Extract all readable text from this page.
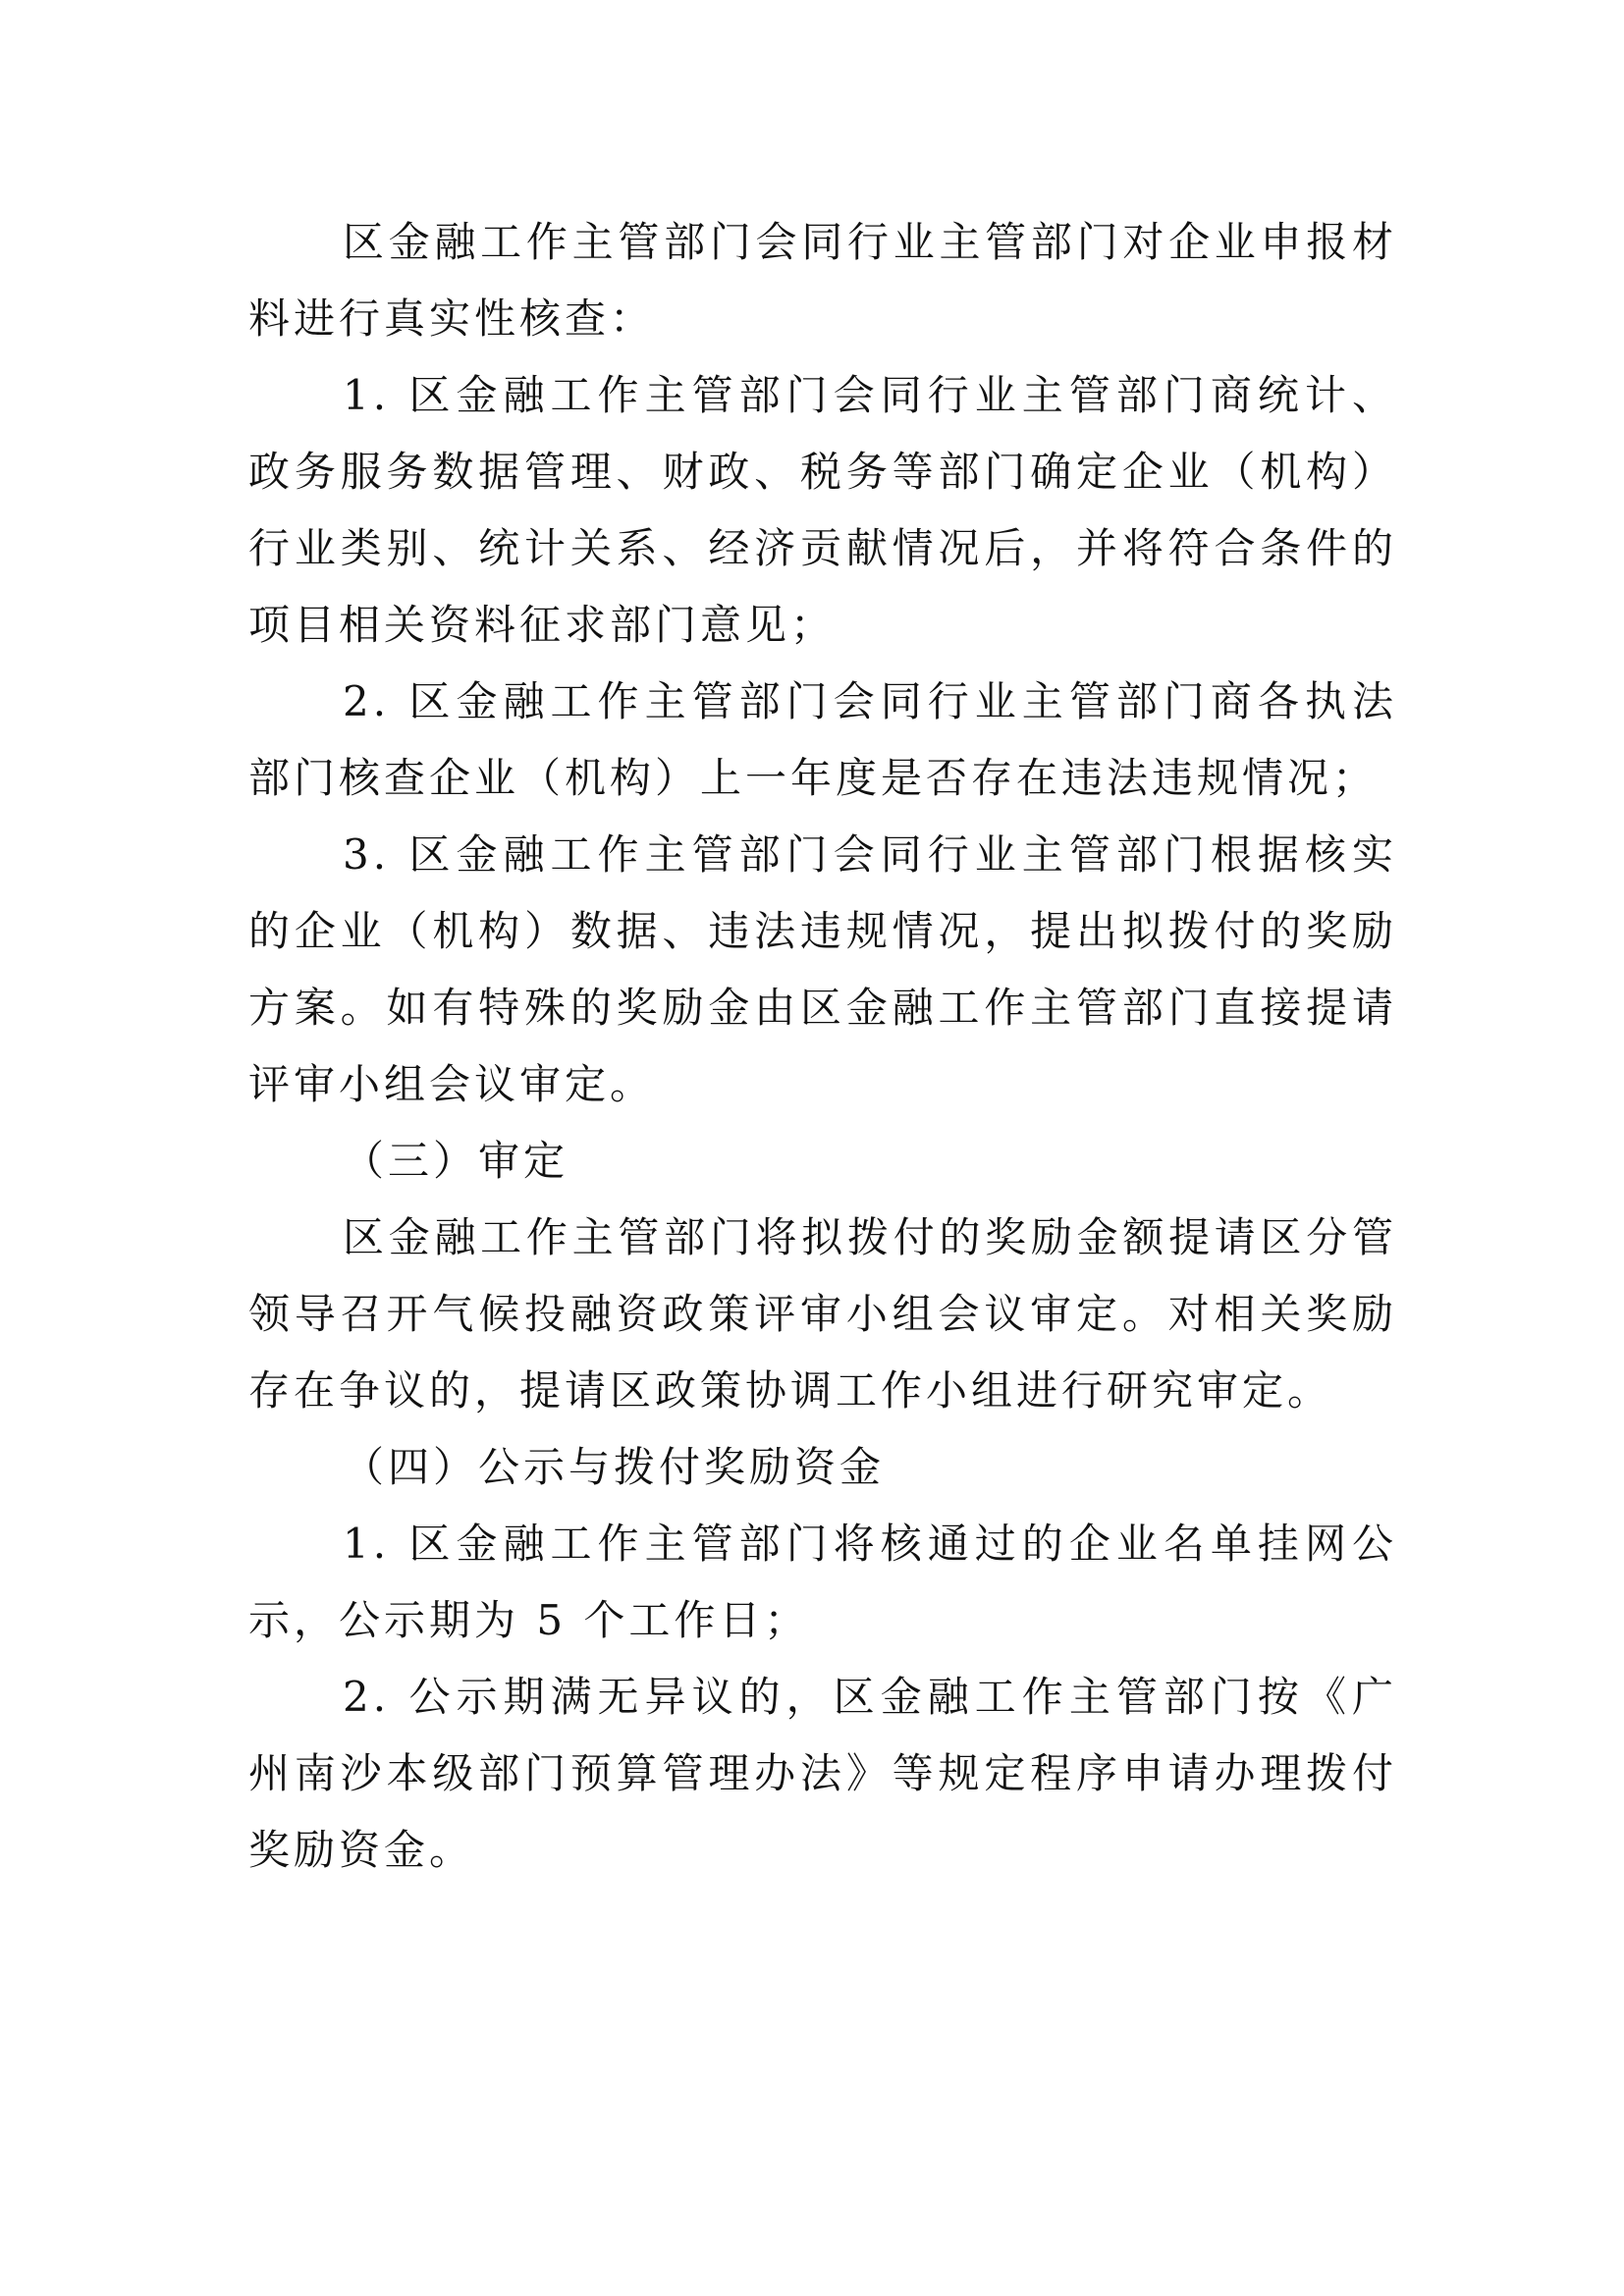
区金融工作主管部门会同行业主管部门对企业申报材料进行真实性核查：

1. 区金融工作主管部门会同行业主管部门商统计、政务服务数据管理、财政、税务等部门确定企业（机构）行业类别、统计关系、经济贡献情况后，并将符合条件的项目相关资料征求部门意见；

2. 区金融工作主管部门会同行业主管部门商各执法部门核查企业（机构）上一年度是否存在违法违规情况；

3. 区金融工作主管部门会同行业主管部门根据核实的企业（机构）数据、违法违规情况，提出拟拨付的奖励方案。如有特殊的奖励金由区金融工作主管部门直接提请评审小组会议审定。

（三）审定

区金融工作主管部门将拟拨付的奖励金额提请区分管领导召开气候投融资政策评审小组会议审定。对相关奖励存在争议的，提请区政策协调工作小组进行研究审定。

（四）公示与拨付奖励资金

1. 区金融工作主管部门将核通过的企业名单挂网公示，公示期为 5 个工作日；

2. 公示期满无异议的，区金融工作主管部门按《广州南沙本级部门预算管理办法》等规定程序申请办理拨付奖励资金。
